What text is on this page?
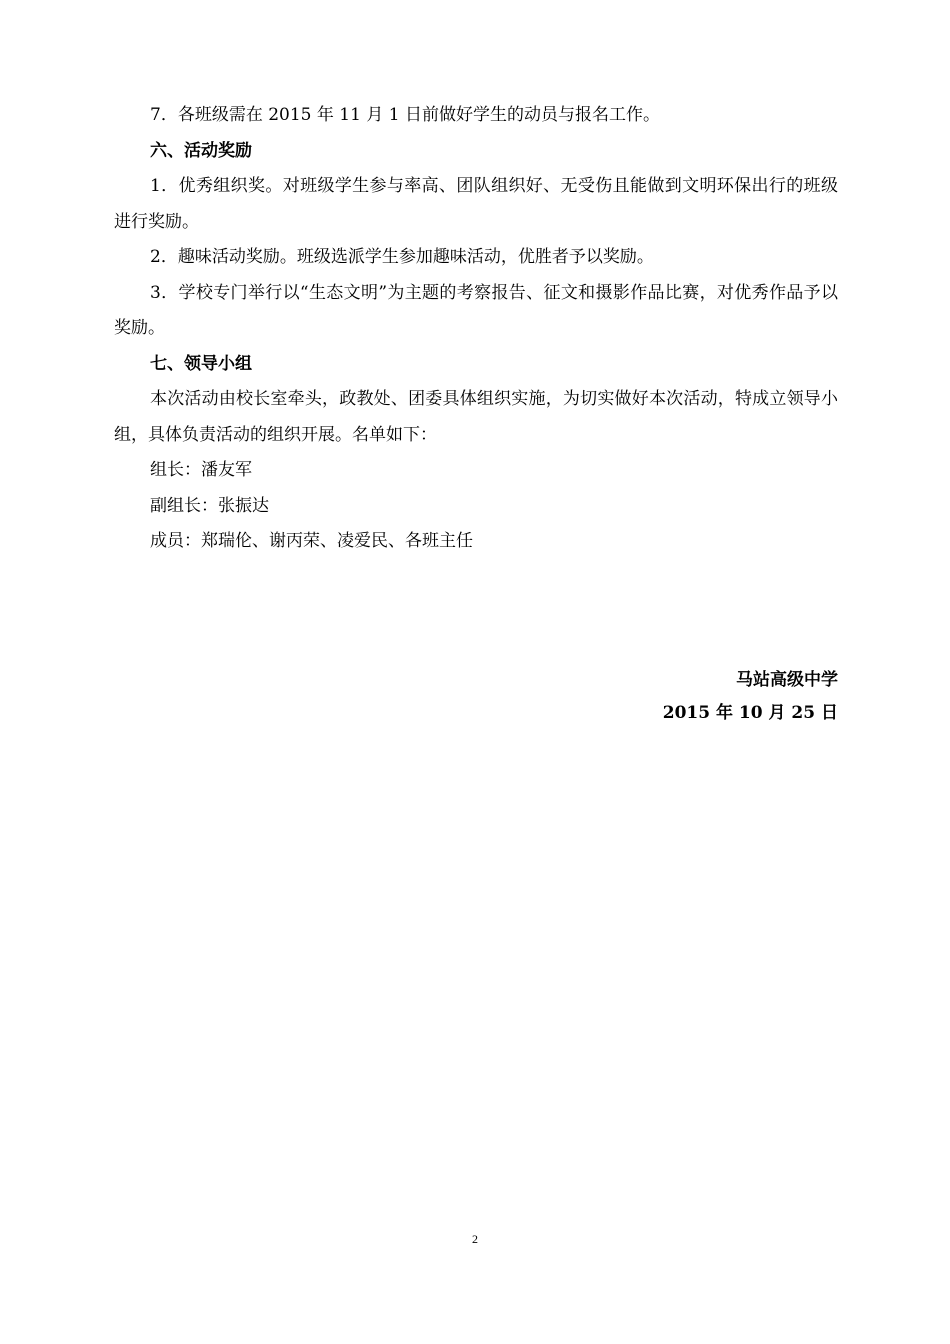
7．各班级需在 2015 年 11 月 1 日前做好学生的动员与报名工作。

六、活动奖励

1．优秀组织奖。对班级学生参与率高、团队组织好、无受伤且能做到文明环保出行的班级进行奖励。

2．趣味活动奖励。班级选派学生参加趣味活动，优胜者予以奖励。

3．学校专门举行以“生态文明”为主题的考察报告、征文和摄影作品比赛，对优秀作品予以奖励。

七、领导小组

本次活动由校长室牵头，政教处、团委具体组织实施，为切实做好本次活动，特成立领导小组，具体负责活动的组织开展。名单如下：

组长：潘友军

副组长：张振达

成员：郑瑞伦、谢丙荣、凌爱民、各班主任

马站高级中学
2015 年 10 月 25 日
2
